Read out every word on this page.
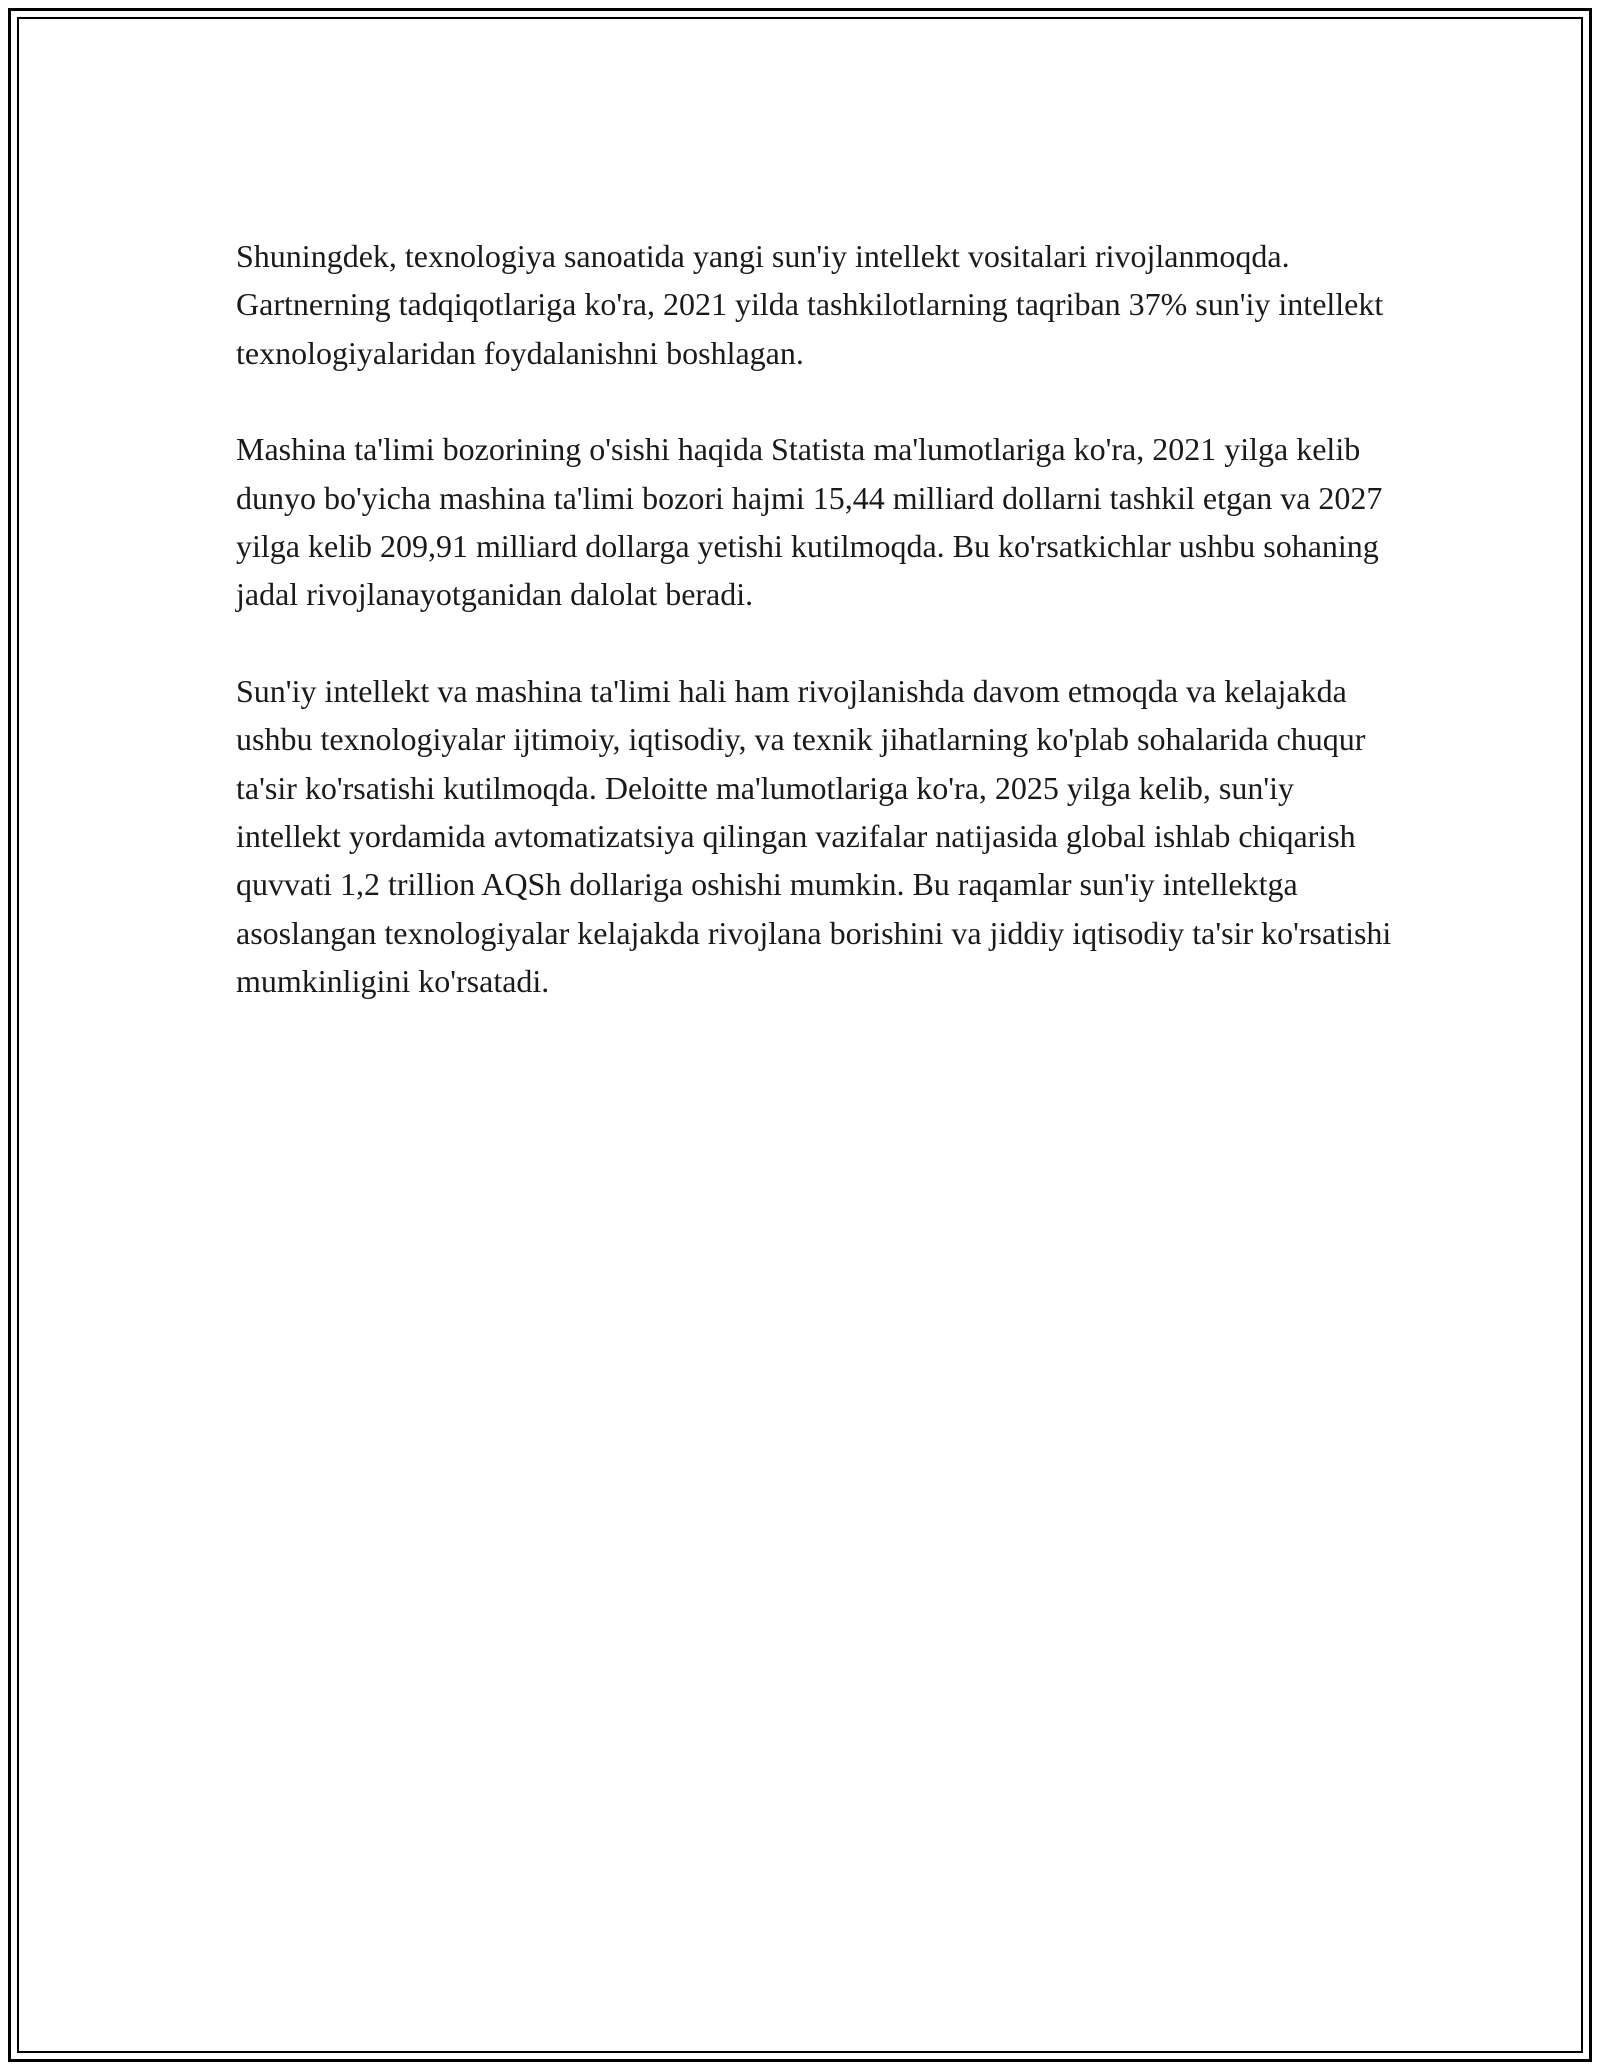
Shuningdek, texnologiya sanoatida yangi sun'iy intellekt vositalari rivojlanmoqda. Gartnerning tadqiqotlariga ko'ra, 2021 yilda tashkilotlarning taqriban 37% sun'iy intellekt texnologiyalaridan foydalanishni boshlagan.

Mashina ta'limi bozorining o'sishi haqida Statista ma'lumotlariga ko'ra, 2021 yilga kelib dunyo bo'yicha mashina ta'limi bozori hajmi 15,44 milliard dollarni tashkil etgan va 2027 yilga kelib 209,91 milliard dollarga yetishi kutilmoqda. Bu ko'rsatkichlar ushbu sohaning jadal rivojlanayotganidan dalolat beradi.

Sun'iy intellekt va mashina ta'limi hali ham rivojlanishda davom etmoqda va kelajakda ushbu texnologiyalar ijtimoiy, iqtisodiy, va texnik jihatlarning ko'plab sohalarida chuqur ta'sir ko'rsatishi kutilmoqda. Deloitte ma'lumotlariga ko'ra, 2025 yilga kelib, sun'iy intellekt yordamida avtomatizatsiya qilingan vazifalar natijasida global ishlab chiqarish quvvati 1,2 trillion AQSh dollariga oshishi mumkin. Bu raqamlar sun'iy intellektga asoslangan texnologiyalar kelajakda rivojlana borishini va jiddiy iqtisodiy ta'sir ko'rsatishi mumkinligini ko'rsatadi.
